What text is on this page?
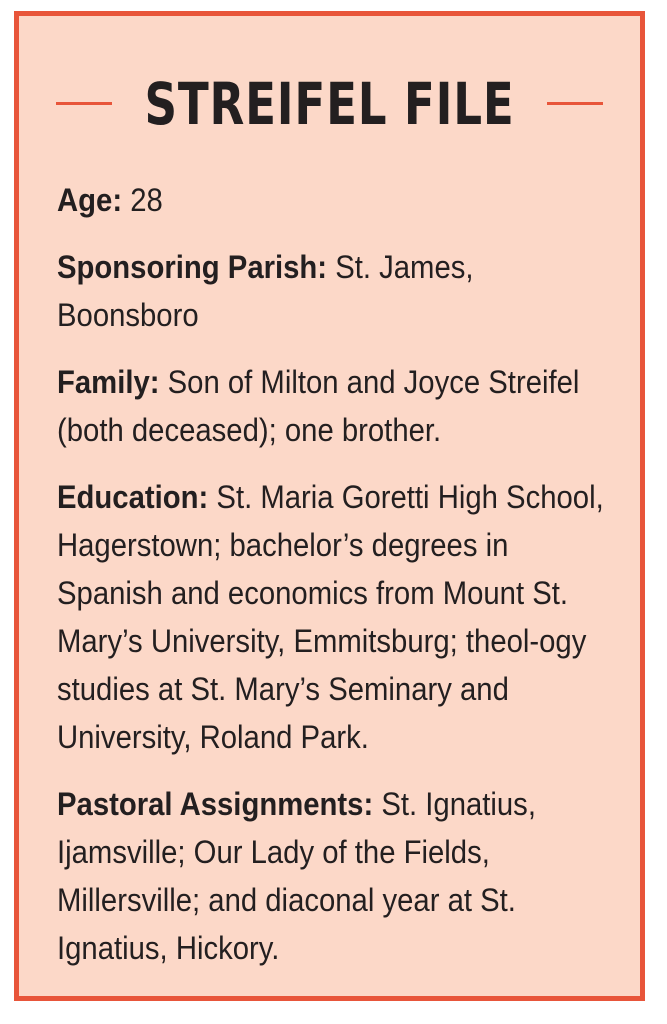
STREIFEL FILE

Age: 28

Sponsoring Parish: St. James, Boonsboro

Family: Son of Milton and Joyce Streifel (both deceased); one brother.

Education: St. Maria Goretti High School, Hagerstown; bachelor’s degrees in Spanish and economics from Mount St. Mary’s University, Emmitsburg; theol-ogy studies at St. Mary’s Seminary and University, Roland Park.

Pastoral Assignments: St. Ignatius, Ijamsville; Our Lady of the Fields, Millersville; and diaconal year at St. Ignatius, Hickory.
